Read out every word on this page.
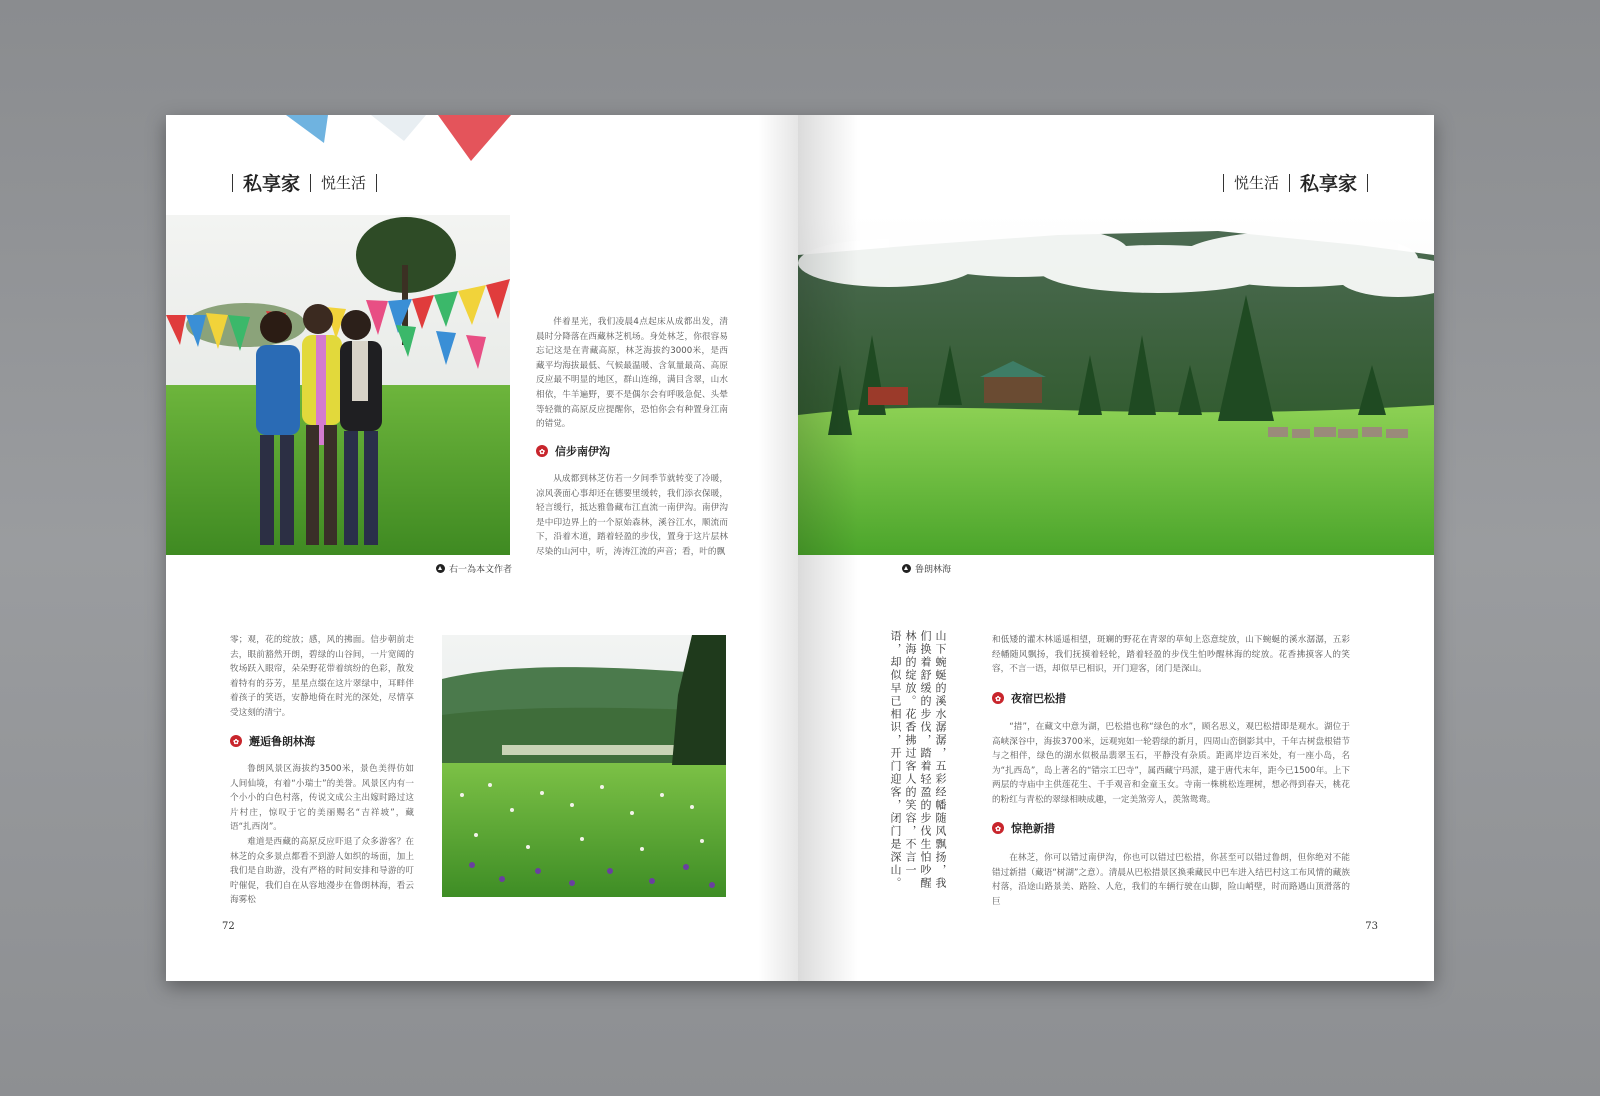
私享家 悦生活
右一為本文作者

伴着星光，我们凌晨4点起床从成都出发，清晨时分降落在西藏林芝机场。身处林芝，你很容易忘记这是在青藏高原，林芝海拔约3000米，是西藏平均海拔最低、气候最温暖、含氧量最高、高原反应最不明显的地区，群山连绵，满目含翠，山水相依，牛羊遍野，要不是偶尔会有呼吸急促、头晕等轻微的高原反应提醒你，恐怕你会有种置身江南的错觉。

✿ 信步南伊沟

从成都到林芝仿若一夕间季节就转变了冷暖，凉风袭面心事却还在德要里缓转，我们添衣保暖，轻言缓行，抵达雅鲁藏布江直流一南伊沟。南伊沟是中印边界上的一个原始森林，溪谷江水，顺流而下，沿着木道，踏着轻盈的步伐，置身于这片层林尽染的山河中，听，涛涛江流的声音；看，叶的飘

零；观，花的绽放；感，风的拂面。信步朝前走去，眼前豁然开朗，碧绿的山谷间，一片宽阔的牧场跃入眼帘，朵朵野花带着缤纷的色彩，散发着特有的芬芳，星星点缀在这片翠绿中，耳畔伴着孩子的笑语，安静地倚在时光的深处，尽情享受这刻的清宁。

✿ 邂逅鲁朗林海

鲁朗风景区海拔约3500米，景色美得仿如人间仙境，有着“小瑞士”的美誉。风景区内有一个小小的白色村落，传说文成公主出嫁时路过这片村庄，惊叹于它的美丽赐名“吉祥坡”，藏语“扎西岗”。

难道是西藏的高原反应吓退了众多游客？在林芝的众多景点都看不到游人如织的场面，加上我们是自助游，没有严格的时间安排和导游的叮咛催促，我们自在从容地漫步在鲁朗林海，看云海雾松

72
悦生活 私享家
鲁朗林海
山下蜿蜒的溪水潺潺，五彩经幡随风飘扬，我们换着舒缓的步伐，踏着轻盈的步伐生怕吵醒林海的绽放。花香拂过客人的笑容，不言一语，却似早已相识，开门迎客，闭门是深山。	和低矮的灌木林遥遥相望，斑斓的野花在青翠的草甸上恣意绽放，山下蜿蜒的溪水潺潺，五彩经幡随风飘扬，我们抚摸着轻轮，踏着轻盈的步伐生怕吵醒林海的绽放。花香拂摸客人的笑容，不言一语，却似早已相识，开门迎客，闭门是深山。

✿ 夜宿巴松措

“措”，在藏文中意为湖，巴松措也称“绿色的水”，顾名思义，观巴松措即是观水。湖位于高峡深谷中，海拔3700米，远观宛如一轮碧绿的新月，四周山峦倒影其中，千年古树盘根错节与之相伴，绿色的湖水似极品翡翠玉石，平静没有杂质。距离岸边百米处，有一座小岛，名为“扎西岛”，岛上著名的“错宗工巴寺”，属西藏宁玛派，建于唐代末年，距今已1500年。上下两层的寺庙中主供莲花生、千手观音和金童玉女。寺南一株桃松连理树，想必得到春天，桃花的粉红与青松的翠绿相映成趣，一定美煞旁人，羡煞鸳鸯。

✿ 惊艳新措

在林芝，你可以错过南伊沟，你也可以错过巴松措，你甚至可以错过鲁朗，但你绝对不能错过新措（藏语“树湖”之意）。清晨从巴松措景区换乘藏民中巴车进入结巴村这工布风情的藏族村落，沿途山路景美、路险、人危，我们的车辆行驶在山脚，险山峭壁，时而路遇山顶滑落的巨

73
